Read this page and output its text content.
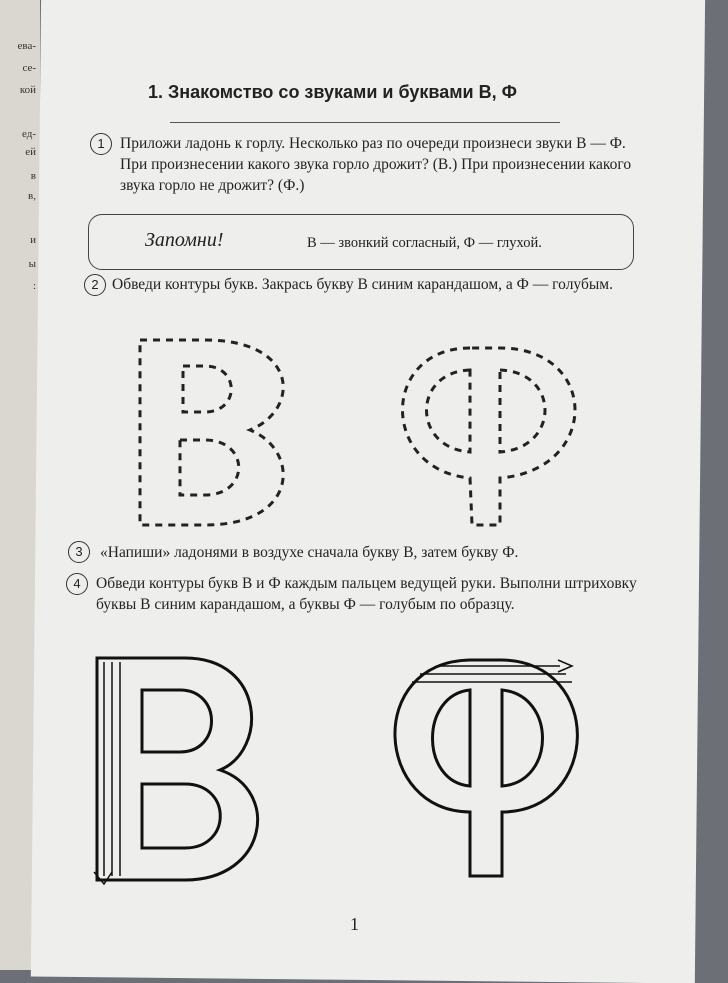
ева-
се-
кой
ед-
ей
в
в,
и
ы
:
1. Знакомство со звуками и буквами В, Ф
1 Приложи ладонь к горлу. Несколько раз по очереди произнеси звуки В — Ф. При произнесении какого звука горло дрожит? (В.) При произнесении какого звука горло не дрожит? (Ф.)
Запомни!	В — звонкий согласный, Ф — глухой.
2 Обведи контуры букв. Закрась букву В синим карандашом, а Ф — голубым.
3	«Напиши» ладонями в воздухе сначала букву В, затем букву Ф.
4 Обведи контуры букв В и Ф каждым пальцем ведущей руки. Выполни штриховку буквы В синим карандашом, а буквы Ф — голубым по образцу.
1
